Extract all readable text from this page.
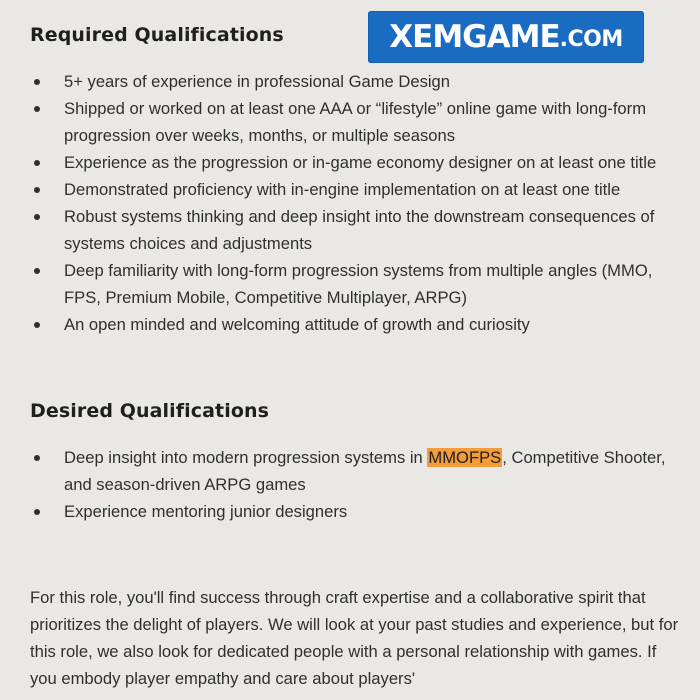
XEMGAME .COM
Required Qualifications
5+ years of experience in professional Game Design
Shipped or worked on at least one AAA or “lifestyle” online game with long-form progression over weeks, months, or multiple seasons
Experience as the progression or in-game economy designer on at least one title
Demonstrated proficiency with in-engine implementation on at least one title
Robust systems thinking and deep insight into the downstream consequences of systems choices and adjustments
Deep familiarity with long-form progression systems from multiple angles (MMO, FPS, Premium Mobile, Competitive Multiplayer, ARPG)
An open minded and welcoming attitude of growth and curiosity
Desired Qualifications
Deep insight into modern progression systems in MMOFPS, Competitive Shooter, and season-driven ARPG games
Experience mentoring junior designers

For this role, you'll find success through craft expertise and a collaborative spirit that prioritizes the delight of players. We will look at your past studies and experience, but for this role, we also look for dedicated people with a personal relationship with games. If you embody player empathy and care about players'
